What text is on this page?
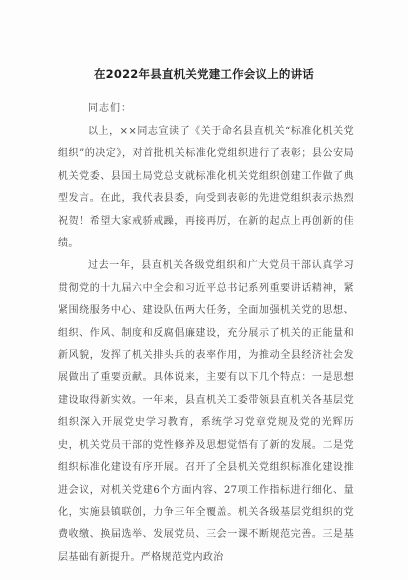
在2022年县直机关党建工作会议上的讲话
同志们：

以上，××同志宣读了《关于命名县直机关“标准化机关党组织”的决定》，对首批机关标准化党组织进行了表彰；县公安局机关党委、县国土局党总支就标准化机关党组织创建工作做了典型发言。在此，我代表县委，向受到表彰的先进党组织表示热烈祝贺！希望大家戒骄戒躁，再接再厉，在新的起点上再创新的佳绩。

过去一年，县直机关各级党组织和广大党员干部认真学习贯彻党的十九届六中全会和习近平总书记系列重要讲话精神，紧紧围绕服务中心、建设队伍两大任务，全面加强机关党的思想、组织、作风、制度和反腐倡廉建设，充分展示了机关的正能量和新风貌，发挥了机关排头兵的表率作用，为推动全县经济社会发展做出了重要贡献。具体说来，主要有以下几个特点：一是思想建设取得新实效。一年来，县直机关工委带领县直机关各基层党组织深入开展党史学习教育，系统学习党章党规及党的光辉历史，机关党员干部的党性修养及思想觉悟有了新的发展。二是党组织标准化建设有序开展。召开了全县机关党组织标准化建设推进会议，对机关党建6个方面内容、27项工作指标进行细化、量化，实施县镇联创，力争三年全覆盖。机关各级基层党组织的党费收缴、换届选举、发展党员、三会一课不断规范完善。三是基层基础有新提升。严格规范党内政治
